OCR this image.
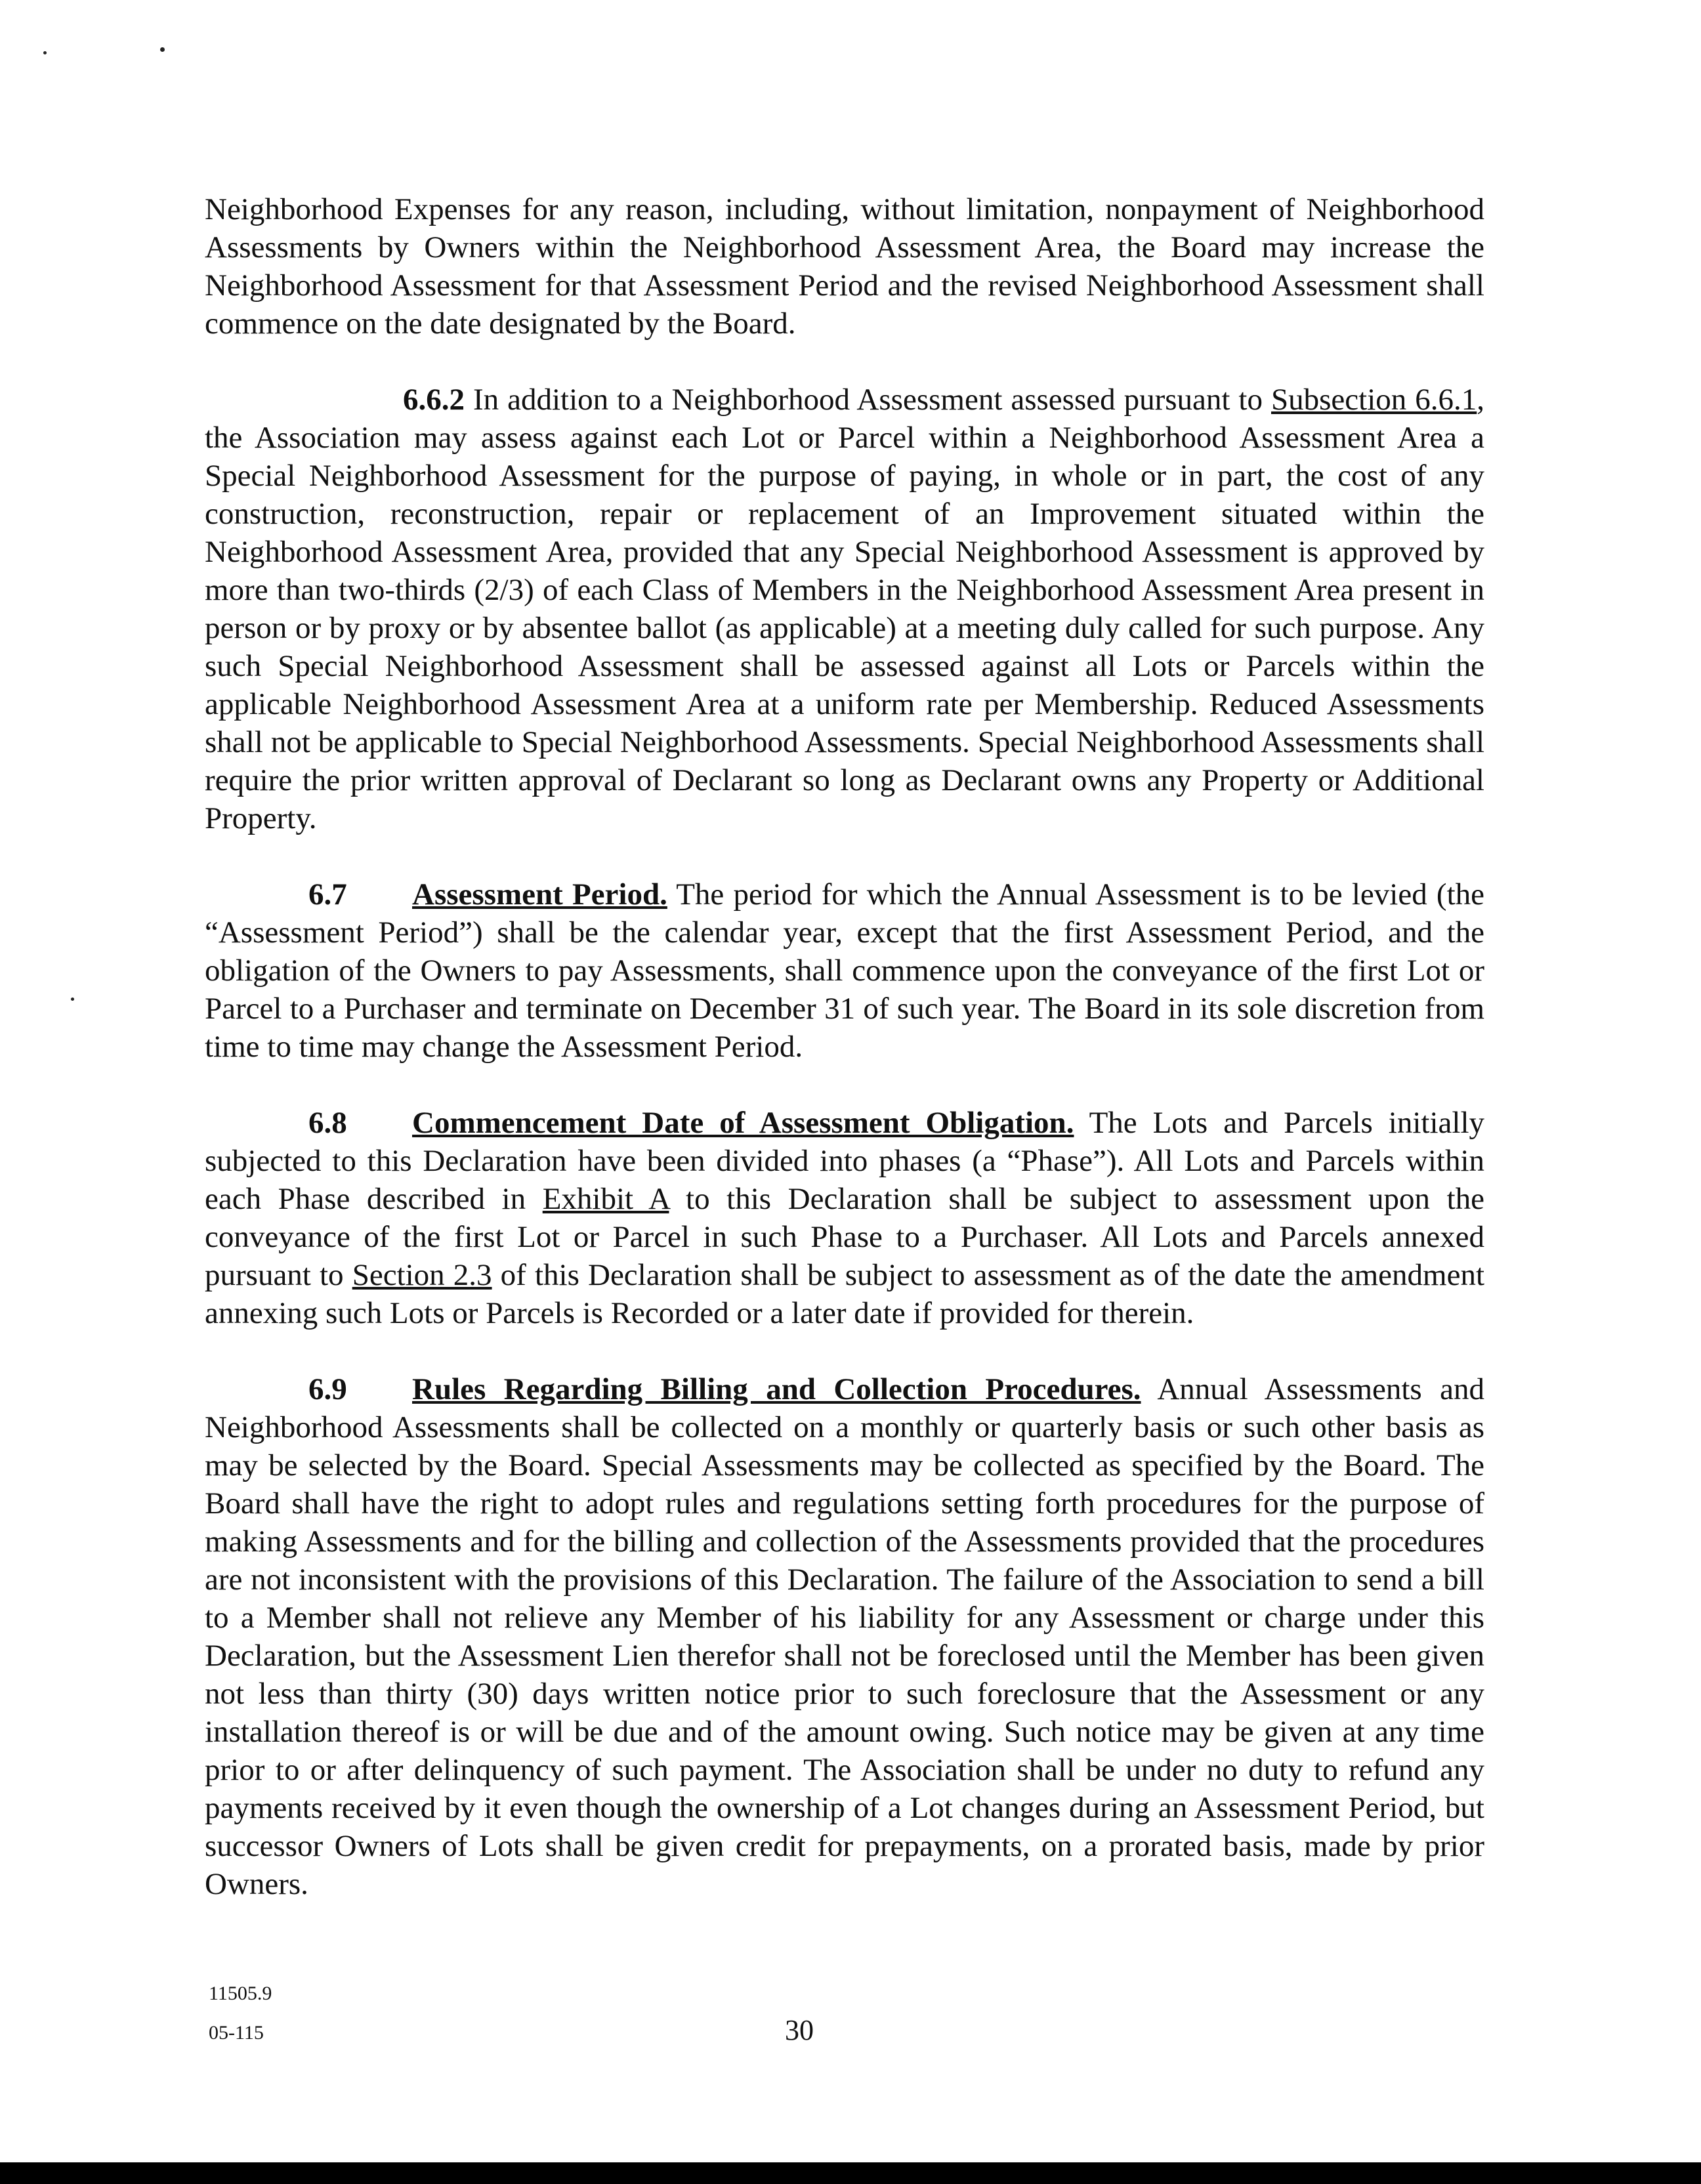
Neighborhood Expenses for any reason, including, without limitation, nonpayment of Neighborhood Assessments by Owners within the Neighborhood Assessment Area, the Board may increase the Neighborhood Assessment for that Assessment Period and the revised Neighborhood Assessment shall commence on the date designated by the Board.

6.6.2 In addition to a Neighborhood Assessment assessed pursuant to Subsection 6.6.1, the Association may assess against each Lot or Parcel within a Neighborhood Assessment Area a Special Neighborhood Assessment for the purpose of paying, in whole or in part, the cost of any construction, reconstruction, repair or replacement of an Improvement situated within the Neighborhood Assessment Area, provided that any Special Neighborhood Assessment is approved by more than two-thirds (2/3) of each Class of Members in the Neighborhood Assessment Area present in person or by proxy or by absentee ballot (as applicable) at a meeting duly called for such purpose. Any such Special Neighborhood Assessment shall be assessed against all Lots or Parcels within the applicable Neighborhood Assessment Area at a uniform rate per Membership. Reduced Assessments shall not be applicable to Special Neighborhood Assessments. Special Neighborhood Assessments shall require the prior written approval of Declarant so long as Declarant owns any Property or Additional Property.

6.7 Assessment Period. The period for which the Annual Assessment is to be levied (the “Assessment Period”) shall be the calendar year, except that the first Assessment Period, and the obligation of the Owners to pay Assessments, shall commence upon the conveyance of the first Lot or Parcel to a Purchaser and terminate on December 31 of such year. The Board in its sole discretion from time to time may change the Assessment Period.

6.8 Commencement Date of Assessment Obligation. The Lots and Parcels initially subjected to this Declaration have been divided into phases (a “Phase”). All Lots and Parcels within each Phase described in Exhibit A to this Declaration shall be subject to assessment upon the conveyance of the first Lot or Parcel in such Phase to a Purchaser. All Lots and Parcels annexed pursuant to Section 2.3 of this Declaration shall be subject to assessment as of the date the amendment annexing such Lots or Parcels is Recorded or a later date if provided for therein.

6.9 Rules Regarding Billing and Collection Procedures. Annual Assessments and Neighborhood Assessments shall be collected on a monthly or quarterly basis or such other basis as may be selected by the Board. Special Assessments may be collected as specified by the Board. The Board shall have the right to adopt rules and regulations setting forth procedures for the purpose of making Assessments and for the billing and collection of the Assessments provided that the procedures are not inconsistent with the provisions of this Declaration. The failure of the Association to send a bill to a Member shall not relieve any Member of his liability for any Assessment or charge under this Declaration, but the Assessment Lien therefor shall not be foreclosed until the Member has been given not less than thirty (30) days written notice prior to such foreclosure that the Assessment or any installation thereof is or will be due and of the amount owing. Such notice may be given at any time prior to or after delinquency of such payment. The Association shall be under no duty to refund any payments received by it even though the ownership of a Lot changes during an Assessment Period, but successor Owners of Lots shall be given credit for prepayments, on a prorated basis, made by prior Owners.

11505.9
05-115	30
